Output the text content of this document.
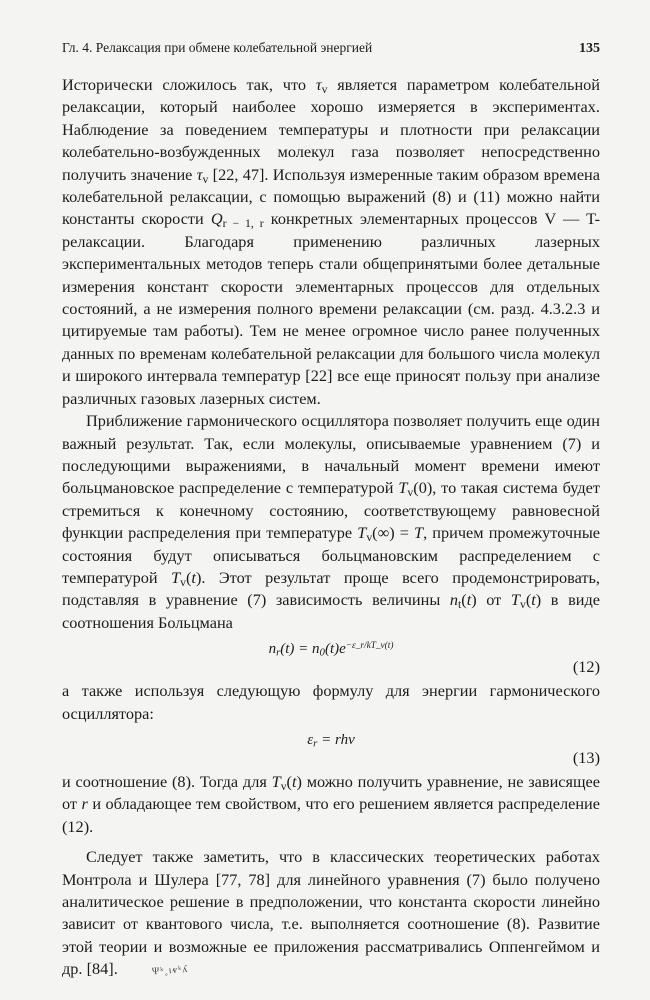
Гл. 4. Релаксация при обмене колебательной энергией	135

Исторически сложилось так, что $\tau_v$ является параметром колебательной релаксации, который наиболее хорошо измеряется в экспериментах. Наблюдение за поведением температуры и плотности при релаксации колебательно-возбужденных молекул газа позволяет непосредственно получить значение $\tau_v$ [22, 47]. Используя измеренные таким образом времена колебательной релаксации, с помощью выражений (8) и (11) можно найти константы скорости $Q_{r - 1, r}$ конкретных элементарных процессов V — T-релаксации. Благодаря применению различных лазерных экспериментальных методов теперь стали общепринятыми более детальные измерения констант скорости элементарных процессов для отдельных состояний, а не измерения полного времени релаксации (см. разд. 4.3.2.3 и цитируемые там работы). Тем не менее огромное число ранее полученных данных по временам колебательной релаксации для большого числа молекул и широкого интервала температур [22] все еще приносят пользу при анализе различных газовых лазерных систем.

Приближение гармонического осциллятора позволяет получить еще один важный результат. Так, если молекулы, описываемые уравнением (7) и последующими выражениями, в начальный момент времени имеют больцмановское распределение с температурой $T_v(0)$, то такая система будет стремиться к конечному состоянию, соответствующему равновесной функции распределения при температуре $T_v(\infty) = T$, причем промежуточные состояния будут описываться больцмановским распределением с температурой $T_v(t)$. Этот результат проще всего продемонстрировать, подставляя в уравнение (7) зависимость величины $n_t(t)$ от $T_v(t)$ в виде соотношения Больцмана

$n_r(t) = n_0(t)e^{-\varepsilon\_r/kT\_v(t)}$
(12)

а также используя следующую формулу для энергии гармонического осциллятора:

$\varepsilon_r = rh\nu$
(13)

и соотношение (8). Тогда для $T_v(t)$ можно получить уравнение, не зависящее от r и обладающее тем свойством, что его решением является распределение (12).

Следует также заметить, что в классических теоретических работах Монтрола и Шулера [77, 78] для линейного уравнения (7) было получено аналитическое решение в предположении, что константа скорости линейно зависит от квантового числа, т.е. выполняется соотношение (8). Развитие этой теории и возможные ее приложения рассматривались Оппенгеймом и др. [84].	Ψᵏ˳ɩⱴᵏʎ
